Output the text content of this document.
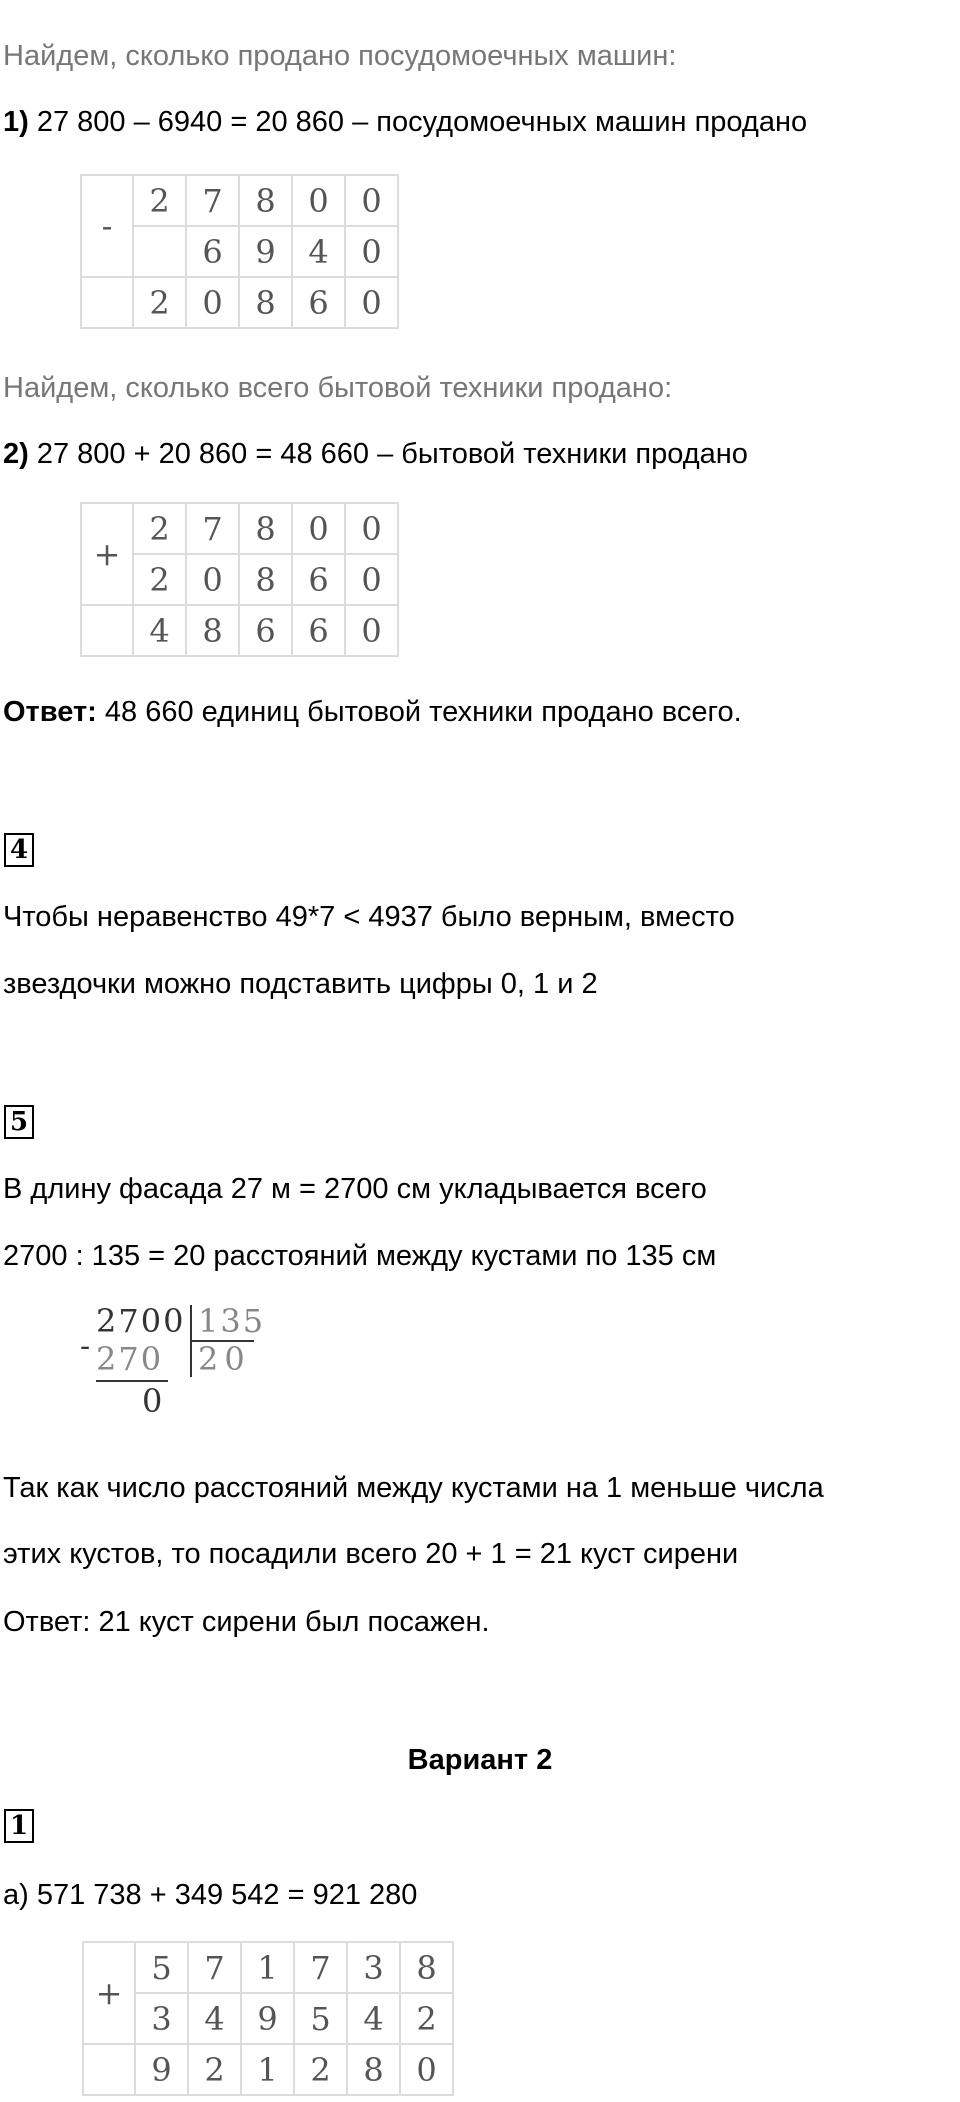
Найдем, сколько продано посудомоечных машин:
1) 27 800 – 6940 = 20 860 – посудомоечных машин продано
-	2	7	8	0	0
		6	9	4	0
	2	0	8	6	0
Найдем, сколько всего бытовой техники продано:
2) 27 800 + 20 860 = 48 660 – бытовой техники продано
+	2	7	8	0	0
	2	0	8	6	0
	4	8	6	6	0
Ответ: 48 660 единиц бытовой техники продано всего.
4
Чтобы неравенство 49*7 < 4937 было верным, вместо
звездочки можно подставить цифры 0, 1 и 2
5
В длину фасада 27 м = 2700 см укладывается всего
2700 : 135 = 20 расстояний между кустами по 135 см
2700 135
- 270 20
0
Так как число расстояний между кустами на 1 меньше числа
этих кустов, то посадили всего 20 + 1 = 21 куст сирени
Ответ: 21 куст сирени был посажен.
Вариант 2
1
а) 571 738 + 349 542 = 921 280
+	5	7	1	7	3	8
	3	4	9	5	4	2
	9	2	1	2	8	0
